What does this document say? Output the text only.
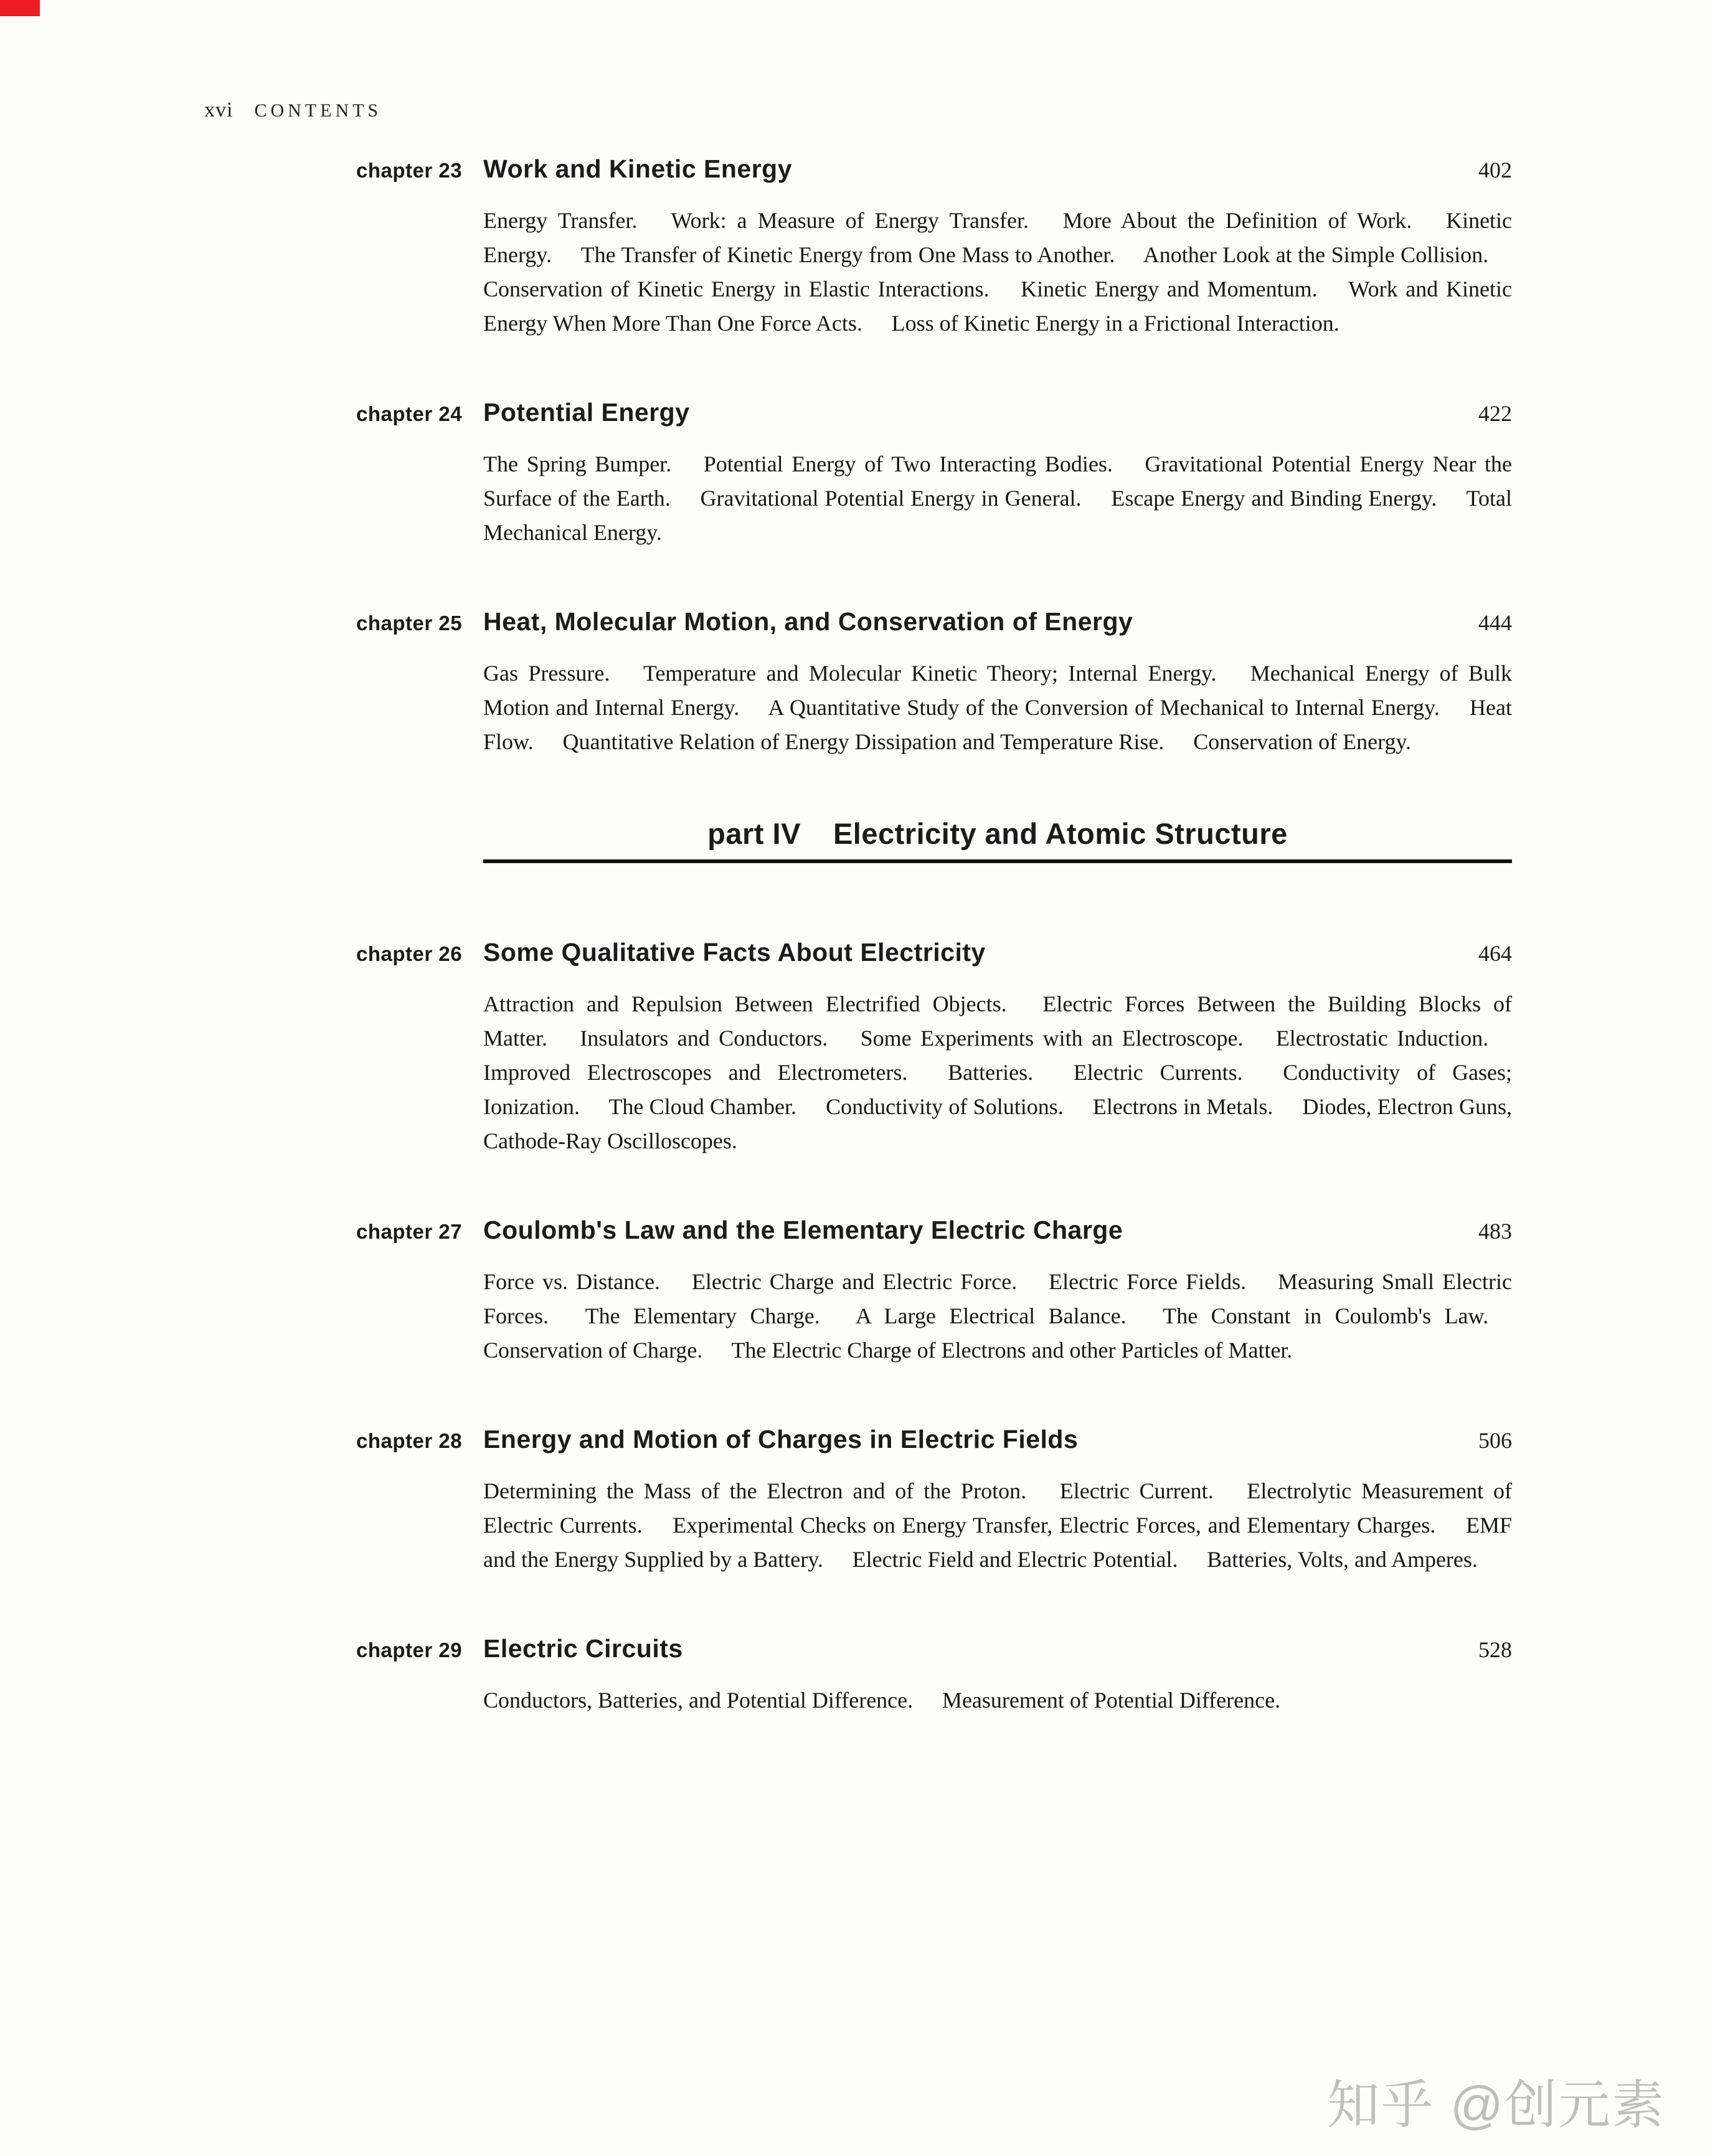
xvi CONTENTS
chapter 23 Work and Kinetic Energy	402

Energy Transfer. Work: a Measure of Energy Transfer. More About the Definition of Work. Kinetic Energy. The Transfer of Kinetic Energy from One Mass to Another. Another Look at the Simple Collision. Conservation of Kinetic Energy in Elastic Interactions. Kinetic Energy and Momentum. Work and Kinetic Energy When More Than One Force Acts. Loss of Kinetic Energy in a Frictional Interaction.

chapter 24 Potential Energy	422

The Spring Bumper. Potential Energy of Two Interacting Bodies. Gravitational Potential Energy Near the Surface of the Earth. Gravitational Potential Energy in General. Escape Energy and Binding Energy. Total Mechanical Energy.

chapter 25 Heat, Molecular Motion, and Conservation of Energy	444

Gas Pressure. Temperature and Molecular Kinetic Theory; Internal Energy. Mechanical Energy of Bulk Motion and Internal Energy. A Quantitative Study of the Conversion of Mechanical to Internal Energy. Heat Flow. Quantitative Relation of Energy Dissipation and Temperature Rise. Conservation of Energy.

part IV Electricity and Atomic Structure
chapter 26 Some Qualitative Facts About Electricity	464

Attraction and Repulsion Between Electrified Objects. Electric Forces Between the Building Blocks of Matter. Insulators and Conductors. Some Experiments with an Electroscope. Electrostatic Induction. Improved Electroscopes and Electrometers. Batteries. Electric Currents. Conductivity of Gases; Ionization. The Cloud Chamber. Conductivity of Solutions. Electrons in Metals. Diodes, Electron Guns, Cathode-Ray Oscilloscopes.

chapter 27 Coulomb's Law and the Elementary Electric Charge	483

Force vs. Distance. Electric Charge and Electric Force. Electric Force Fields. Measuring Small Electric Forces. The Elementary Charge. A Large Electrical Balance. The Constant in Coulomb's Law. Conservation of Charge. The Electric Charge of Electrons and other Particles of Matter.

chapter 28 Energy and Motion of Charges in Electric Fields	506

Determining the Mass of the Electron and of the Proton. Electric Current. Electrolytic Measurement of Electric Currents. Experimental Checks on Energy Transfer, Electric Forces, and Elementary Charges. EMF and the Energy Supplied by a Battery. Electric Field and Electric Potential. Batteries, Volts, and Amperes.

chapter 29 Electric Circuits	528

Conductors, Batteries, and Potential Difference. Measurement of Potential Difference.

知乎 @创元素
